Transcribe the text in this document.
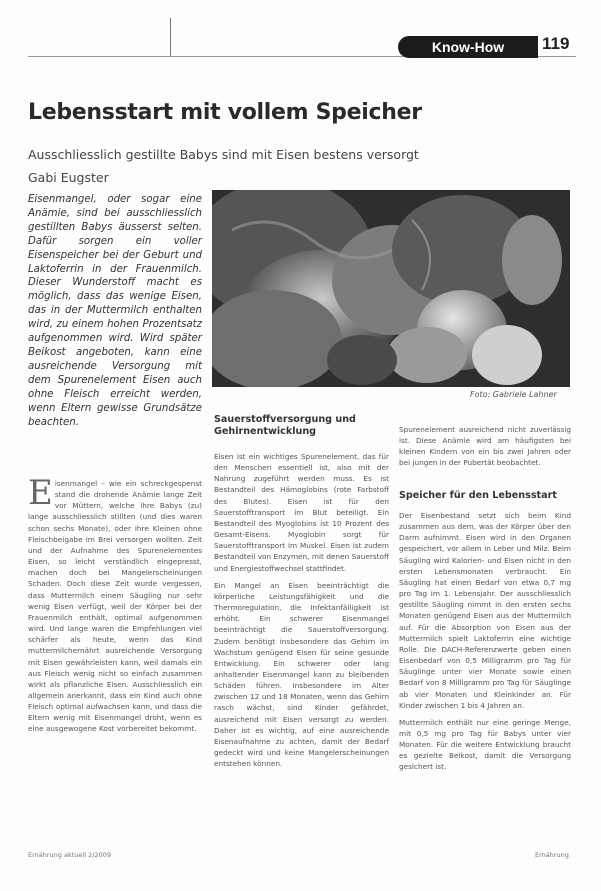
Know-How	119
Lebensstart mit vollem Speicher
Ausschliesslich gestillte Babys sind mit Eisen bestens versorgt
Gabi Eugster
Eisenmangel, oder sogar eine Anämie, sind bei ausschliesslich gestillten Babys äusserst selten. Dafür sorgen ein voller Eisenspeicher bei der Geburt und Laktoferrin in der Frauenmilch. Dieser Wunderstoff macht es möglich, dass das wenige Eisen, das in der Muttermilch enthalten wird, zu einem hohen Prozentsatz aufgenommen wird. Wird später Beikost angeboten, kann eine ausreichende Versorgung mit dem Spurenelement Eisen auch ohne Fleisch erreicht werden, wenn Eltern gewisse Grundsätze beachten.
Foto: Gabriele Lahner
E isenmangel – wie ein schreckgespenst stand die drohende Anämie lange Zeit vor Müttern, welche ihre Babys (zu) lange ausschliesslich stillten (und dies waren schon sechs Monate), oder ihre Kleinen ohne Fleischbeigabe im Brei versorgen wollten. Zeit und der Aufnahme des Spurenelementes Eisen, so leicht verständlich eingepresst, machen doch bei Mangelerscheinungen Schaden. Doch diese Zeit wurde vergessen, dass Muttermilch einem Säugling nur sehr wenig Eisen verfügt, weil der Körper bei der Frauenmilch enthält, optimal aufgenommen wird. Und lange waren die Empfehlungen viel schärfer als heute, wenn das Kind muttermilchernährt ausreichende Versorgung mit Eisen gewährleisten kann, weil damals ein aus Fleisch wenig nicht so einfach zusammen wirkt als pflanzliche Eisen. Ausschliesslich ein allgemein anerkannt, dass ein Kind auch ohne Fleisch optimal aufwachsen kann, und dass die Eltern wenig mit Eisenmangel droht, wenn es eine ausgewogene Kost vorbereitet bekommt.
Sauerstoffversorgung und Gehirnentwicklung

Eisen ist ein wichtiges Spurenelement, das für den Menschen essentiell ist, also mit der Nahrung zugeführt werden muss. Es ist Bestandteil des Hämoglobins (rote Farbstoff des Blutes). Eisen ist für den Sauerstofftransport im Blut beteiligt. Ein Bestandteil des Myoglobins ist 10 Prozent des Gesamt-Eisens. Myoglobin sorgt für Sauerstofftransport im Muskel. Eisen ist zudem Bestandteil von Enzymen, mit denen Sauerstoff und Energiestoffwechsel stattfindet.

Ein Mangel an Eisen beeinträchtigt die körperliche Leistungsfähigkeit und die Thermoregulation, die Infektanfälligkeit ist erhöht. Ein schwerer Eisenmangel beeinträchtigt die Sauerstoffversorgung. Zudem benötigt insbesondere das Gehirn im Wachstum genügend Eisen für seine gesunde Entwicklung. Ein schwerer oder lang anhaltender Eisenmangel kann zu bleibenden Schäden führen. Insbesondere im Alter zwischen 12 und 18 Monaten, wenn das Gehirn rasch wächst, sind Kinder gefährdet, ausreichend mit Eisen versorgt zu werden. Daher ist es wichtig, auf eine ausreichende Eisenaufnahme zu achten, damit der Bedarf gedeckt wird und keine Mangelerscheinungen entstehen können.

Spurenelement ausreichend nicht zuverlässig ist. Diese Anämie wird am häufigsten bei kleinen Kindern von ein bis zwei Jahren oder bei jungen in der Pubertät beobachtet.

Speicher für den Lebensstart

Der Eisenbestand setzt sich beim Kind zusammen aus dem, was der Körper über den Darm aufnimmt. Eisen wird in den Organen gespeichert, vor allem in Leber und Milz. Beim Säugling wird Kalorien- und Eisen nicht in den ersten Lebensmonaten verbraucht. Ein Säugling hat einen Bedarf von etwa 0,7 mg pro Tag im 1. Lebensjahr. Der ausschliesslich gestillte Säugling nimmt in den ersten sechs Monaten genügend Eisen aus der Muttermilch auf. Für die Absorption von Eisen aus der Muttermilch spielt Laktoferrin eine wichtige Rolle. Die DACH-Referenzwerte geben einen Eisenbedarf von 0,5 Milligramm pro Tag für Säuglinge unter vier Monate sowie einen Bedarf von 8 Milligramm pro Tag für Säuglinge ab vier Monaten und Kleinkinder an. Für Kinder zwischen 1 bis 4 Jahren an.

Muttermilch enthält nur eine geringe Menge, mit 0,5 mg pro Tag für Babys unter vier Monaten. Für die weitere Entwicklung braucht es gezielte Beikost, damit die Versorgung gesichert ist.

Ernährung aktuell 2/2009	Ernährung
